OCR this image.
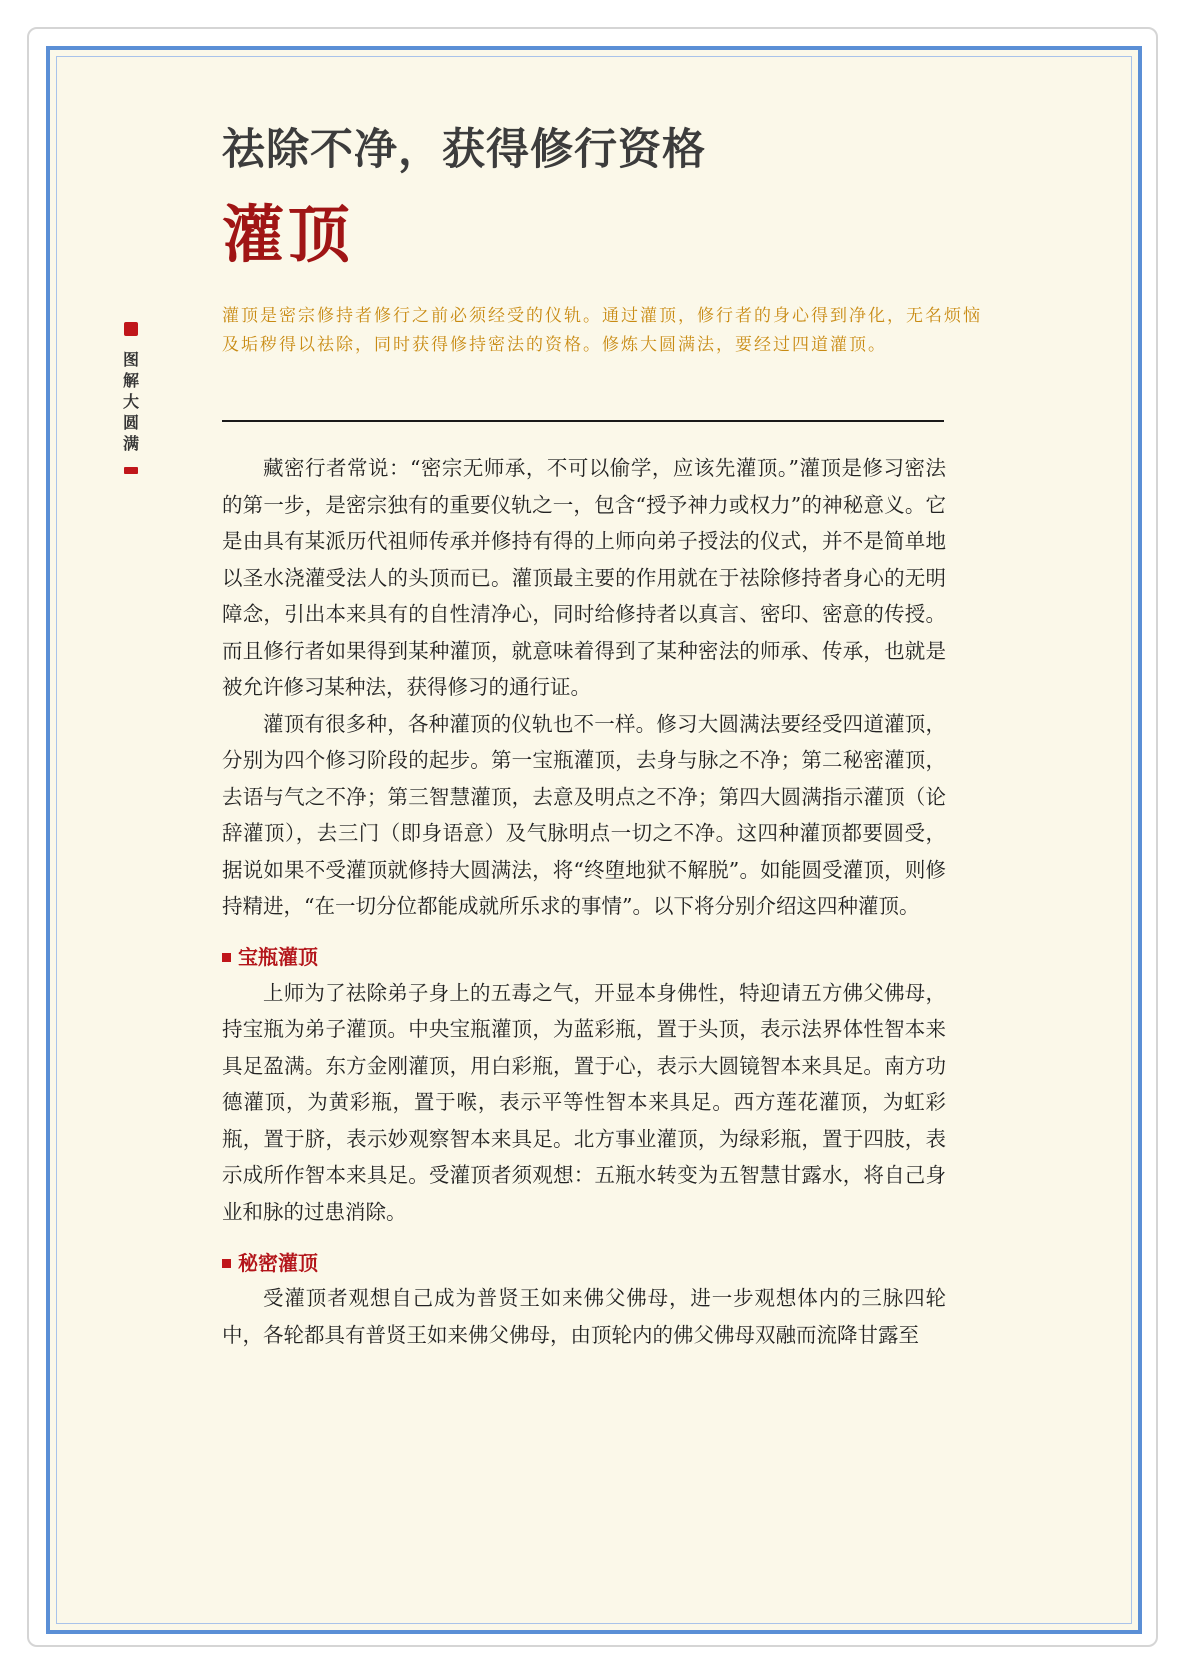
祛除不净，获得修行资格
灌顶
图解大圆满

灌顶是密宗修持者修行之前必须经受的仪轨。通过灌顶，修行者的身心得到净化，无名烦恼及垢秽得以祛除，同时获得修持密法的资格。修炼大圆满法，要经过四道灌顶。

藏密行者常说：“密宗无师承，不可以偷学，应该先灌顶。”灌顶是修习密法的第一步，是密宗独有的重要仪轨之一，包含“授予神力或权力”的神秘意义。它是由具有某派历代祖师传承并修持有得的上师向弟子授法的仪式，并不是简单地以圣水浇灌受法人的头顶而已。灌顶最主要的作用就在于祛除修持者身心的无明障念，引出本来具有的自性清净心，同时给修持者以真言、密印、密意的传授。而且修行者如果得到某种灌顶，就意味着得到了某种密法的师承、传承，也就是被允许修习某种法，获得修习的通行证。

灌顶有很多种，各种灌顶的仪轨也不一样。修习大圆满法要经受四道灌顶，分别为四个修习阶段的起步。第一宝瓶灌顶，去身与脉之不净；第二秘密灌顶，去语与气之不净；第三智慧灌顶，去意及明点之不净；第四大圆满指示灌顶（论辞灌顶），去三门（即身语意）及气脉明点一切之不净。这四种灌顶都要圆受，据说如果不受灌顶就修持大圆满法，将“终堕地狱不解脱”。如能圆受灌顶，则修持精进，“在一切分位都能成就所乐求的事情”。以下将分别介绍这四种灌顶。

宝瓶灌顶

上师为了祛除弟子身上的五毒之气，开显本身佛性，特迎请五方佛父佛母，持宝瓶为弟子灌顶。中央宝瓶灌顶，为蓝彩瓶，置于头顶，表示法界体性智本来具足盈满。东方金刚灌顶，用白彩瓶，置于心，表示大圆镜智本来具足。南方功德灌顶，为黄彩瓶，置于喉，表示平等性智本来具足。西方莲花灌顶，为虹彩瓶，置于脐，表示妙观察智本来具足。北方事业灌顶，为绿彩瓶，置于四肢，表示成所作智本来具足。受灌顶者须观想：五瓶水转变为五智慧甘露水，将自己身业和脉的过患消除。

秘密灌顶

受灌顶者观想自己成为普贤王如来佛父佛母，进一步观想体内的三脉四轮中，各轮都具有普贤王如来佛父佛母，由顶轮内的佛父佛母双融而流降甘露至
